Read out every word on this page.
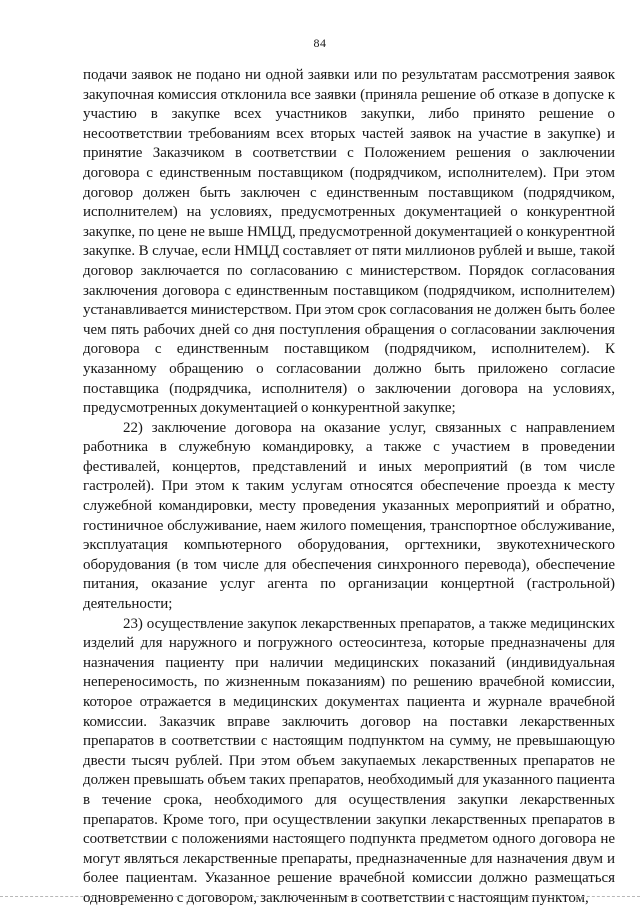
84

подачи заявок не подано ни одной заявки или по результатам рассмотрения заявок закупочная комиссия отклонила все заявки (приняла решение об отказе в допуске к участию в закупке всех участников закупки, либо принято решение о несоответствии требованиям всех вторых частей заявок на участие в закупке) и принятие Заказчиком в соответствии с Положением решения о заключении договора с единственным поставщиком (подрядчиком, исполнителем). При этом договор должен быть заключен с единственным поставщиком (подрядчиком, исполнителем) на условиях, предусмотренных документацией о конкурентной закупке, по цене не выше НМЦД, предусмотренной документацией о конкурентной закупке. В случае, если НМЦД составляет от пяти миллионов рублей и выше, такой договор заключается по согласованию с министерством. Порядок согласования заключения договора с единственным поставщиком (подрядчиком, исполнителем) устанавливается министерством. При этом срок согласования не должен быть более чем пять рабочих дней со дня поступления обращения о согласовании заключения договора с единственным поставщиком (подрядчиком, исполнителем). К указанному обращению о согласовании должно быть приложено согласие поставщика (подрядчика, исполнителя) о заключении договора на условиях, предусмотренных документацией о конкурентной закупке;

22) заключение договора на оказание услуг, связанных с направлением работника в служебную командировку, а также с участием в проведении фестивалей, концертов, представлений и иных мероприятий (в том числе гастролей). При этом к таким услугам относятся обеспечение проезда к месту служебной командировки, месту проведения указанных мероприятий и обратно, гостиничное обслуживание, наем жилого помещения, транспортное обслуживание, эксплуатация компьютерного оборудования, оргтехники, звукотехнического оборудования (в том числе для обеспечения синхронного перевода), обеспечение питания, оказание услуг агента по организации концертной (гастрольной) деятельности;

23) осуществление закупок лекарственных препаратов, а также медицинских изделий для наружного и погружного остеосинтеза, которые предназначены для назначения пациенту при наличии медицинских показаний (индивидуальная непереносимость, по жизненным показаниям) по решению врачебной комиссии, которое отражается в медицинских документах пациента и журнале врачебной комиссии. Заказчик вправе заключить договор на поставки лекарственных препаратов в соответствии с настоящим подпунктом на сумму, не превышающую двести тысяч рублей. При этом объем закупаемых лекарственных препаратов не должен превышать объем таких препаратов, необходимый для указанного пациента в течение срока, необходимого для осуществления закупки лекарственных препаратов. Кроме того, при осуществлении закупки лекарственных препаратов в соответствии с положениями настоящего подпункта предметом одного договора не могут являться лекарственные препараты, предназначенные для назначения двум и более пациентам. Указанное решение врачебной комиссии должно размещаться одновременно с договором, заключенным в соответствии с настоящим пунктом,
